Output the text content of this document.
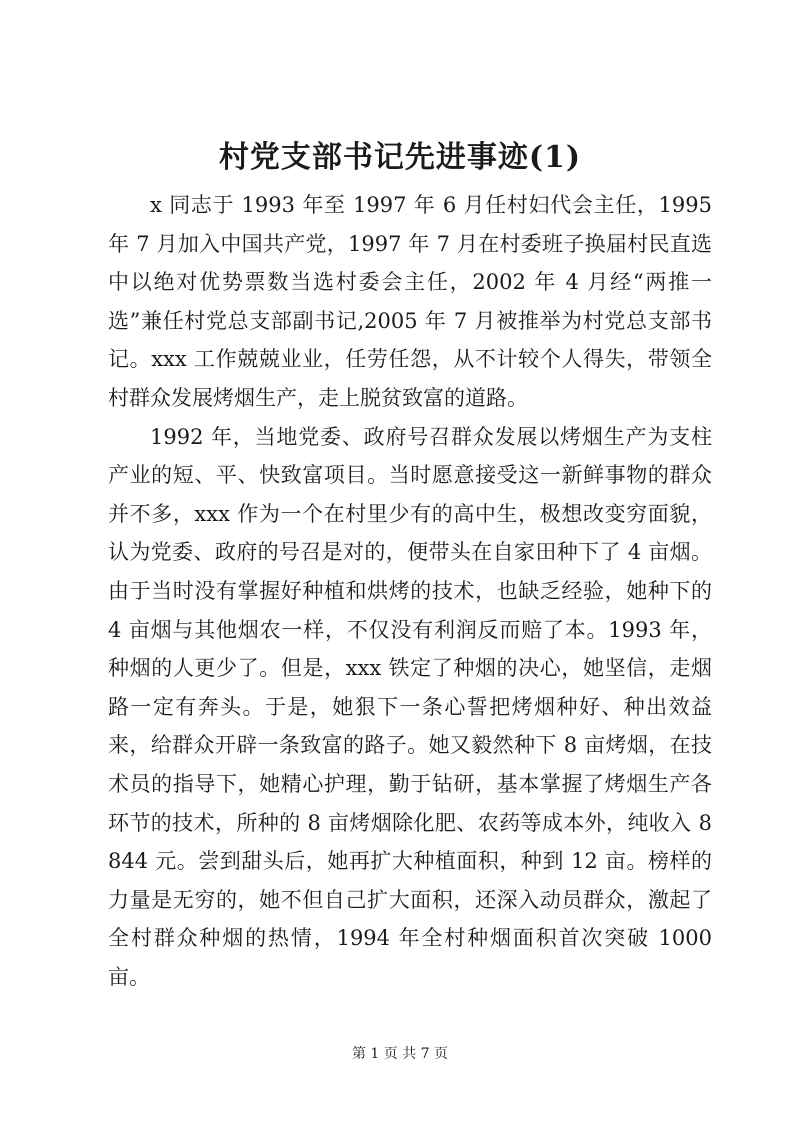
村党支部书记先进事迹(1)

x 同志于 1993 年至 1997 年 6 月任村妇代会主任，1995 年 7 月加入中国共产党，1997 年 7 月在村委班子换届村民直选中以绝对优势票数当选村委会主任，2002 年 4 月经“两推一选”兼任村党总支部副书记,2005 年 7 月被推举为村党总支部书记。xxx 工作兢兢业业，任劳任怨，从不计较个人得失，带领全村群众发展烤烟生产，走上脱贫致富的道路。

1992 年，当地党委、政府号召群众发展以烤烟生产为支柱产业的短、平、快致富项目。当时愿意接受这一新鲜事物的群众并不多，xxx 作为一个在村里少有的高中生，极想改变穷面貌，认为党委、政府的号召是对的，便带头在自家田种下了 4 亩烟。由于当时没有掌握好种植和烘烤的技术，也缺乏经验，她种下的 4 亩烟与其他烟农一样，不仅没有利润反而赔了本。1993 年，种烟的人更少了。但是，xxx 铁定了种烟的决心，她坚信，走烟路一定有奔头。于是，她狠下一条心誓把烤烟种好、种出效益来，给群众开辟一条致富的路子。她又毅然种下 8 亩烤烟，在技术员的指导下，她精心护理，勤于钻研，基本掌握了烤烟生产各环节的技术，所种的 8 亩烤烟除化肥、农药等成本外，纯收入 8844 元。尝到甜头后，她再扩大种植面积，种到 12 亩。榜样的力量是无穷的，她不但自己扩大面积，还深入动员群众，激起了全村群众种烟的热情，1994 年全村种烟面积首次突破 1000 亩。

第 1 页 共 7 页
